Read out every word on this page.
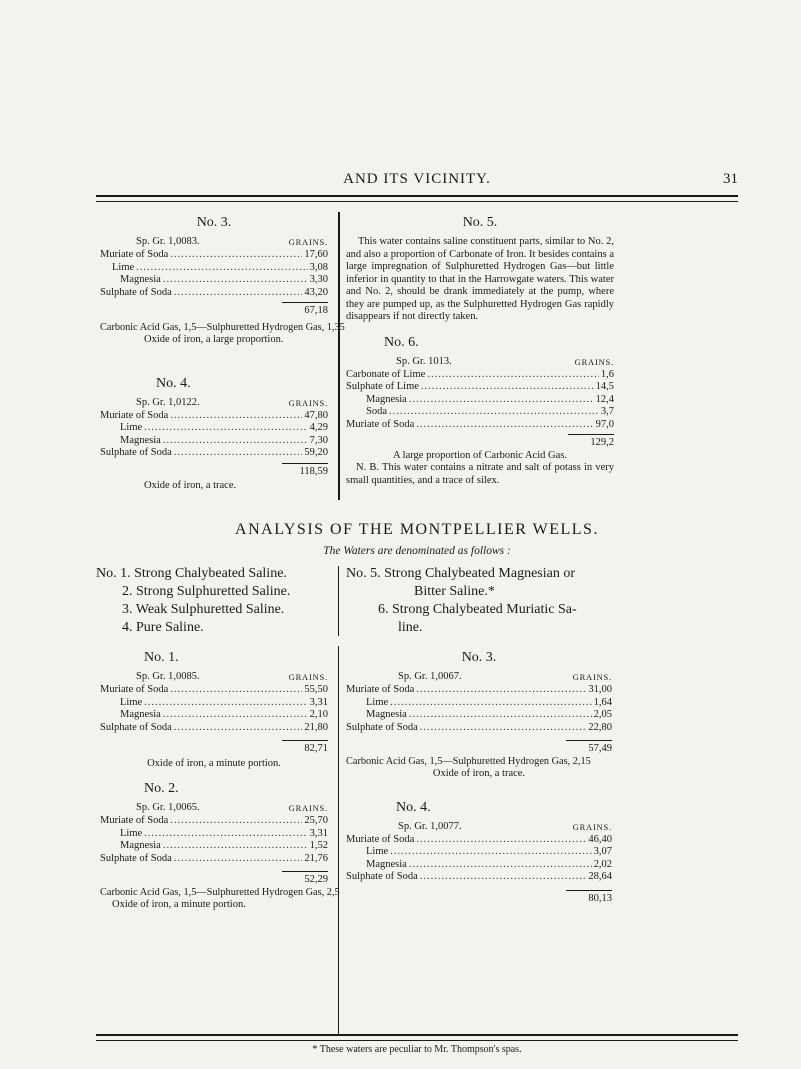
AND ITS VICINITY.	31
No. 3.
Sp. Gr. 1,0083.	GRAINS.
Muriate of Soda .....	17,60
Lime .....	3,08
Magnesia .....	3,30
Sulphate of Soda .....	43,20
67,18
Carbonic Acid Gas, 1,5—Sulphuretted Hydrogen Gas, 1,35
Oxide of iron, a large proportion.
No. 4.
Sp. Gr. 1,0122.	GRAINS.
Muriate of Soda .....	47,80
Lime .....	4,29
Magnesia .....	7,30
Sulphate of Soda .....	59,20
118,59
Oxide of iron, a trace.
No. 5.
This water contains saline constituent parts, similar to No. 2, and also a proportion of Carbonate of Iron. It besides contains a large impregnation of Sulphuretted Hydrogen Gas—but little inferior in quantity to that in the Harrowgate waters. This water and No. 2, should be drank immediately at the pump, where they are pumped up, as the Sulphuretted Hydrogen Gas rapidly disappears if not directly taken.
No. 6.
Sp. Gr. 1013.	GRAINS.
Carbonate of Lime .....	1,6
Sulphate of Lime .....	14,5
Magnesia .....	12,4
Soda .....	3,7
Muriate of Soda .....	97,0
129,2
A large proportion of Carbonic Acid Gas.
N. B. This water contains a nitrate and salt of potass in very small quantities, and a trace of silex.
ANALYSIS OF THE MONTPELLIER WELLS.
The Waters are denominated as follows :
No. 1. Strong Chalybeated Saline.
2. Strong Sulphuretted Saline.
3. Weak Sulphuretted Saline.
4. Pure Saline.
No. 5. Strong Chalybeated Magnesian or
Bitter Saline.*
6. Strong Chalybeated Muriatic Sa-
line.
No. 1.
Sp. Gr. 1,0085.	GRAINS.
Muriate of Soda .....	55,50
Lime .....	3,31
Magnesia .....	2,10
Sulphate of Soda .....	21,80
82,71
Oxide of iron, a minute portion.
No. 2.
Sp. Gr. 1,0065.	GRAINS.
Muriate of Soda .....	25,70
Lime .....	3,31
Magnesia .....	1,52
Sulphate of Soda .....	21,76
52,29
Carbonic Acid Gas, 1,5—Sulphuretted Hydrogen Gas, 2,5
Oxide of iron, a minute portion.
No. 3.
Sp. Gr. 1,0067.	GRAINS.
Muriate of Soda .....	31,00
Lime .....	1,64
Magnesia .....	2,05
Sulphate of Soda .....	22,80
57,49
Carbonic Acid Gas, 1,5—Sulphuretted Hydrogen Gas, 2,15
Oxide of iron, a trace.
No. 4.
Sp. Gr. 1,0077.	GRAINS.
Muriate of Soda .....	46,40
Lime .....	3,07
Magnesia .....	2,02
Sulphate of Soda .....	28,64
80,13
* These waters are peculiar to Mr. Thompson's spas.
